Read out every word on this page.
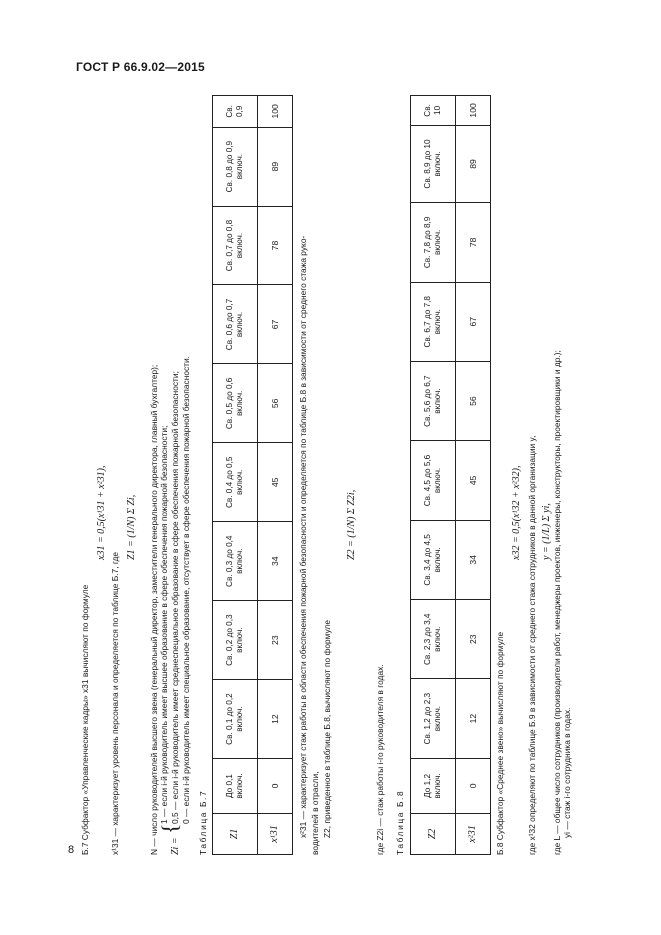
ГОСТ Р 66.9.02—2015
8 Б.7 Субфактор «Управленческие кадры» x31 вычисляют по формуле
x31 = 0,5(x¹31 + x²31),
x¹31 — характеризует уровень персонала и определяется по таблице Б.7, где
Z1 = (1/N) Σ Zi, N — число руководителей высшего звена (генеральный директор, заместители генерального директора, главный бухгалтер); Zi =
{
1 — если i-й руководитель имеет высшее образование в сфере обеспечения пожарной безопасности; 0,5 — если i-й руководитель имеет среднеспециальное образование в сфере обеспечения пожарной безопасности; 0 — если i-й руководитель имеет специальное образование, отсутствует в сфере обеспечения пожарной безопасности. Таблица Б.7 Z1	До 0,1 включ.	Св. 0,1 до 0,2 включ.	Св. 0,2 до 0,3 включ.	Св. 0,3 до 0,4 включ.	Св. 0,4 до 0,5 включ.	Св. 0,5 до 0,6 включ.	Св. 0,6 до 0,7 включ.	Св. 0,7 до 0,8 включ.	Св. 0,8 до 0,9 включ.	Св. 0,9
x¹31	0	12	23	34	45	56	67	78	89	100
x²31 — характеризует стаж работы в области обеспечения пожарной безопасности и определяется по таблице Б.8 в зависимости от среднего стажа руко- водителей в отрасли, Z2, приведенное в таблице Б.8, вычисляют по формуле
Z2 = (1/N) Σ Z2i,
где Z2i — стаж работы i-го руководителя в годах. Таблица Б.8 Z2	До 1,2 включ.	Св. 1,2 до 2,3 включ.	Св. 2,3 до 3,4 включ.	Св. 3,4 до 4,5 включ.	Св. 4,5 до 5,6 включ.	Св. 5,6 до 6,7 включ.	Св. 6,7 до 7,8 включ.	Св. 7,8 до 8,9 включ.	Св. 8,9 до 10 включ.	Св. 10
x²31	0	12	23	34	45	56	67	78	89	100
Б.8 Субфактор «Среднее звено» вычисляют по формуле
x32 = 0,5(x¹32 + x²32), где x¹32 определяют по таблице Б.9 в зависимости от среднего стажа сотрудников в данной организации y, y = (1/L) Σ yi, где L — общее число сотрудников (производители работ, менеджеры проектов, инженеры, конструкторы, проектировщики и др.); yi — стаж i-го сотрудника в годах.
